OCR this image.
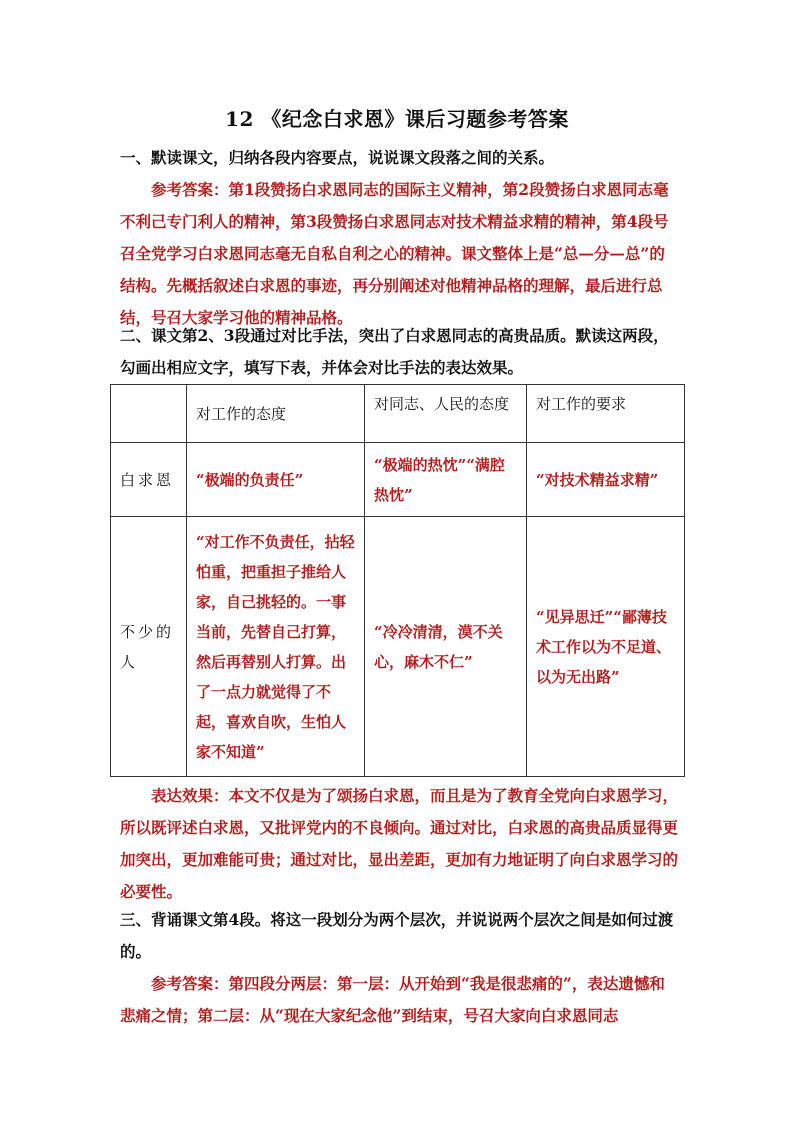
12 《纪念白求恩》课后习题参考答案

一、默读课文，归纳各段内容要点，说说课文段落之间的关系。

参考答案：第1段赞扬白求恩同志的国际主义精神，第2段赞扬白求恩同志毫不利己专门利人的精神，第3段赞扬白求恩同志对技术精益求精的精神，第4段号召全党学习白求恩同志毫无自私自利之心的精神。课文整体上是“总—分—总”的结构。先概括叙述白求恩的事迹，再分别阐述对他精神品格的理解，最后进行总结，号召大家学习他的精神品格。

二、课文第2、3段通过对比手法，突出了白求恩同志的高贵品质。默读这两段，勾画出相应文字，填写下表，并体会对比手法的表达效果。

	对工作的态度	对同志、人民的态度	对工作的要求
白求恩	“极端的负责任”	“极端的热忱”“满腔热忱”	“对技术精益求精”
不少的人	“对工作不负责任，拈轻怕重，把重担子推给人家，自己挑轻的。一事当前，先替自己打算，然后再替别人打算。出了一点力就觉得了不起，喜欢自吹，生怕人家不知道”	“冷冷清清，漠不关心，麻木不仁”	“见异思迁”“鄙薄技术工作以为不足道、以为无出路”

表达效果：本文不仅是为了颂扬白求恩，而且是为了教育全党向白求恩学习，所以既评述白求恩，又批评党内的不良倾向。通过对比，白求恩的高贵品质显得更加突出，更加难能可贵；通过对比，显出差距，更加有力地证明了向白求恩学习的必要性。

三、背诵课文第4段。将这一段划分为两个层次，并说说两个层次之间是如何过渡的。

参考答案：第四段分两层：第一层：从开始到“我是很悲痛的”，表达遗憾和悲痛之情；第二层：从“现在大家纪念他”到结束，号召大家向白求恩同志
